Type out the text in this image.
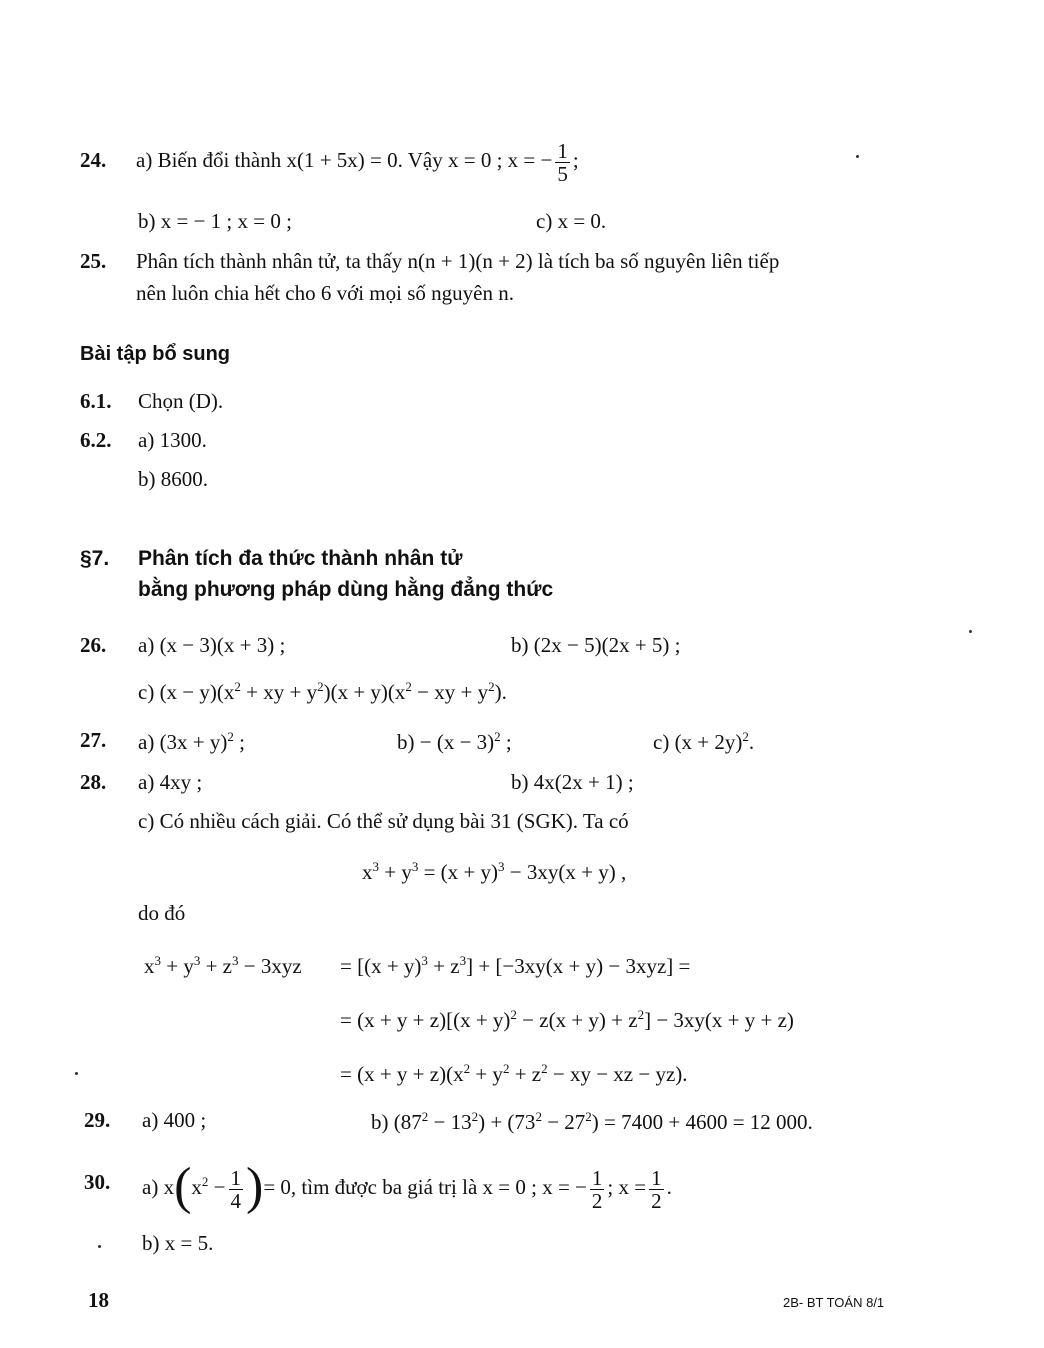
24. a) Biến đổi thành x(1 + 5x) = 0. Vậy x = 0 ; x = − $\frac{1}{5}$ ;
b) x = − 1 ; x = 0 ;	c) x = 0.
25. Phân tích thành nhân tử, ta thấy n(n + 1)(n + 2) là tích ba số nguyên liên tiếp
nên luôn chia hết cho 6 với mọi số nguyên n.
Bài tập bổ sung
6.1. Chọn (D).
6.2. a) 1300.
b) 8600.
§7. Phân tích đa thức thành nhân tử
bằng phương pháp dùng hằng đẳng thức
26. a) (x − 3)(x + 3) ;	b) (2x − 5)(2x + 5) ;
c) $(x - y)(x^2$ + xy + $y^2)(x + y)(x^2$ − xy + $y^2$).
27. a) $(3x + y)^2$ ;	$b) - (x - 3)^2$ ;	c) $(x + 2y)^2$.
28. a) 4xy ;	b) 4x(2x + 1) ;
c) Có nhiều cách giải. Có thể sử dụng bài 31 (SGK). Ta có
$x^3 + y^3 = (x + y)^3 - 3xy(x + y)$ ,
do đó
$x^3 + y^3 + z^3 - 3xyz = [(x + y)^3 + z^3] + [-3xy(x + y) - 3xyz]$ =
= $(x + y + z)[(x + y)^2 - z(x + y) + z^2] - 3xy(x + y + z)$
= $(x + y + z)(x^2 + y^2 + z^2$ − xy − xz − yz).
29. a) 400 ;	b) $(87^2 - 13^2) + (73^2 - 27^2) = 7400 + 4600 = 12$ 000.
30. a) $x(x^2 - \frac{1}{4}$ )= 0, tìm được ba giá trị là x = 0 ; x = − $\frac{1}{2}$ ; $x = \frac{1}{2}$ .
b) x = 5.
18	2B- BT TOÁN 8/1
